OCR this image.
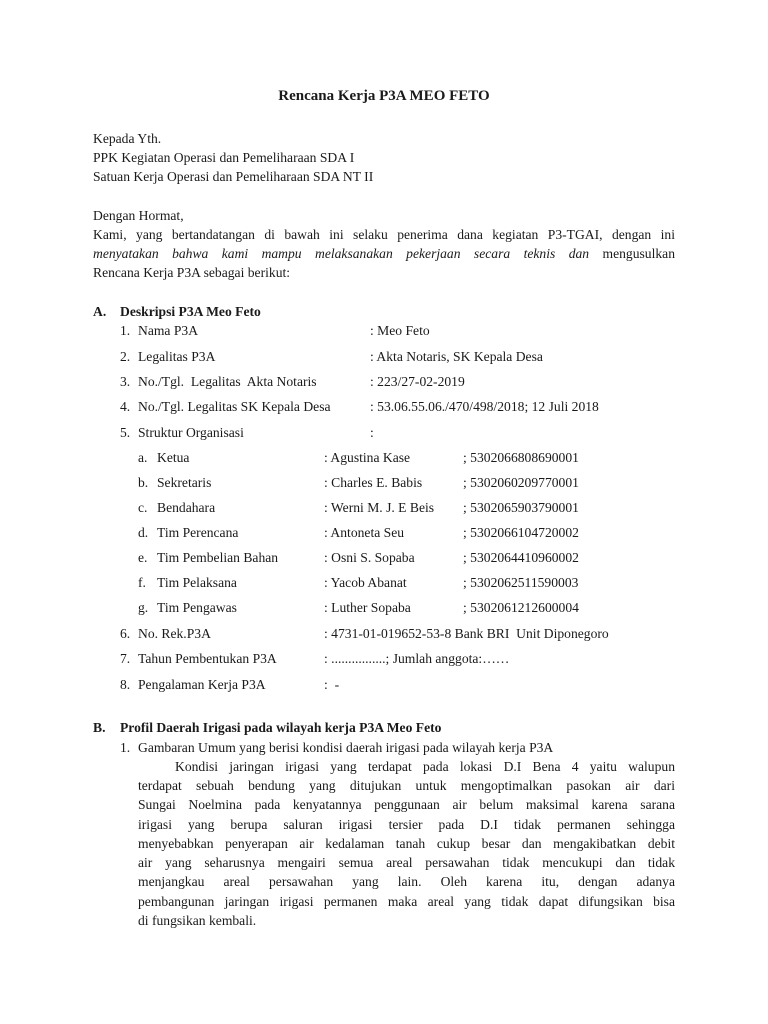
Rencana Kerja P3A MEO FETO
Kepada Yth.
PPK Kegiatan Operasi dan Pemeliharaan SDA I
Satuan Kerja Operasi dan Pemeliharaan SDA NT II
Dengan Hormat,
Kami, yang bertandatangan di bawah ini selaku penerima dana kegiatan P3-TGAI, dengan ini
menyatakan bahwa kami mampu melaksanakan pekerjaan secara teknis dan mengusulkan
Rencana Kerja P3A sebagai berikut:
A. Deskripsi P3A Meo Feto
1. Nama P3A	: Meo Feto
2. Legalitas P3A	: Akta Notaris, SK Kepala Desa
3. No./Tgl.  Legalitas  Akta Notaris	: 223/27-02-2019
4. No./Tgl. Legalitas SK Kepala Desa	: 53.06.55.06./470/498/2018; 12 Juli 2018
5. Struktur Organisasi	:
a. Ketua	: Agustina Kase	; 5302066808690001
b. Sekretaris	: Charles E. Babis	; 5302060209770001
c. Bendahara	: Werni M. J. E Beis ; 5302065903790001
d. Tim Perencana	: Antoneta Seu	; 5302066104720002
e. Tim Pembelian Bahan	: Osni S. Sopaba	; 5302064410960002
f. Tim Pelaksana	: Yacob Abanat	; 5302062511590003
g. Tim Pengawas	: Luther Sopaba	; 5302061212600004
6. No. Rek.P3A	: 4731-01-019652-53-8 Bank BRI  Unit Diponegoro
7. Tahun Pembentukan P3A	: ................; Jumlah anggota:……
8. Pengalaman Kerja P3A	:  -
B. Profil Daerah Irigasi pada wilayah kerja P3A Meo Feto
1. Gambaran Umum yang berisi kondisi daerah irigasi pada wilayah kerja P3A
Kondisi jaringan irigasi yang terdapat pada lokasi D.I Bena 4 yaitu walupun
terdapat sebuah bendung yang ditujukan untuk mengoptimalkan pasokan air dari
Sungai Noelmina pada kenyatannya penggunaan air belum maksimal karena sarana
irigasi yang berupa saluran irigasi tersier pada D.I tidak permanen sehingga
menyebabkan penyerapan air kedalaman tanah cukup besar dan mengakibatkan debit
air yang seharusnya mengairi semua areal persawahan tidak mencukupi dan tidak
menjangkau areal persawahan yang lain. Oleh karena itu, dengan adanya
pembangunan jaringan irigasi permanen maka areal yang tidak dapat difungsikan bisa
di fungsikan kembali.
